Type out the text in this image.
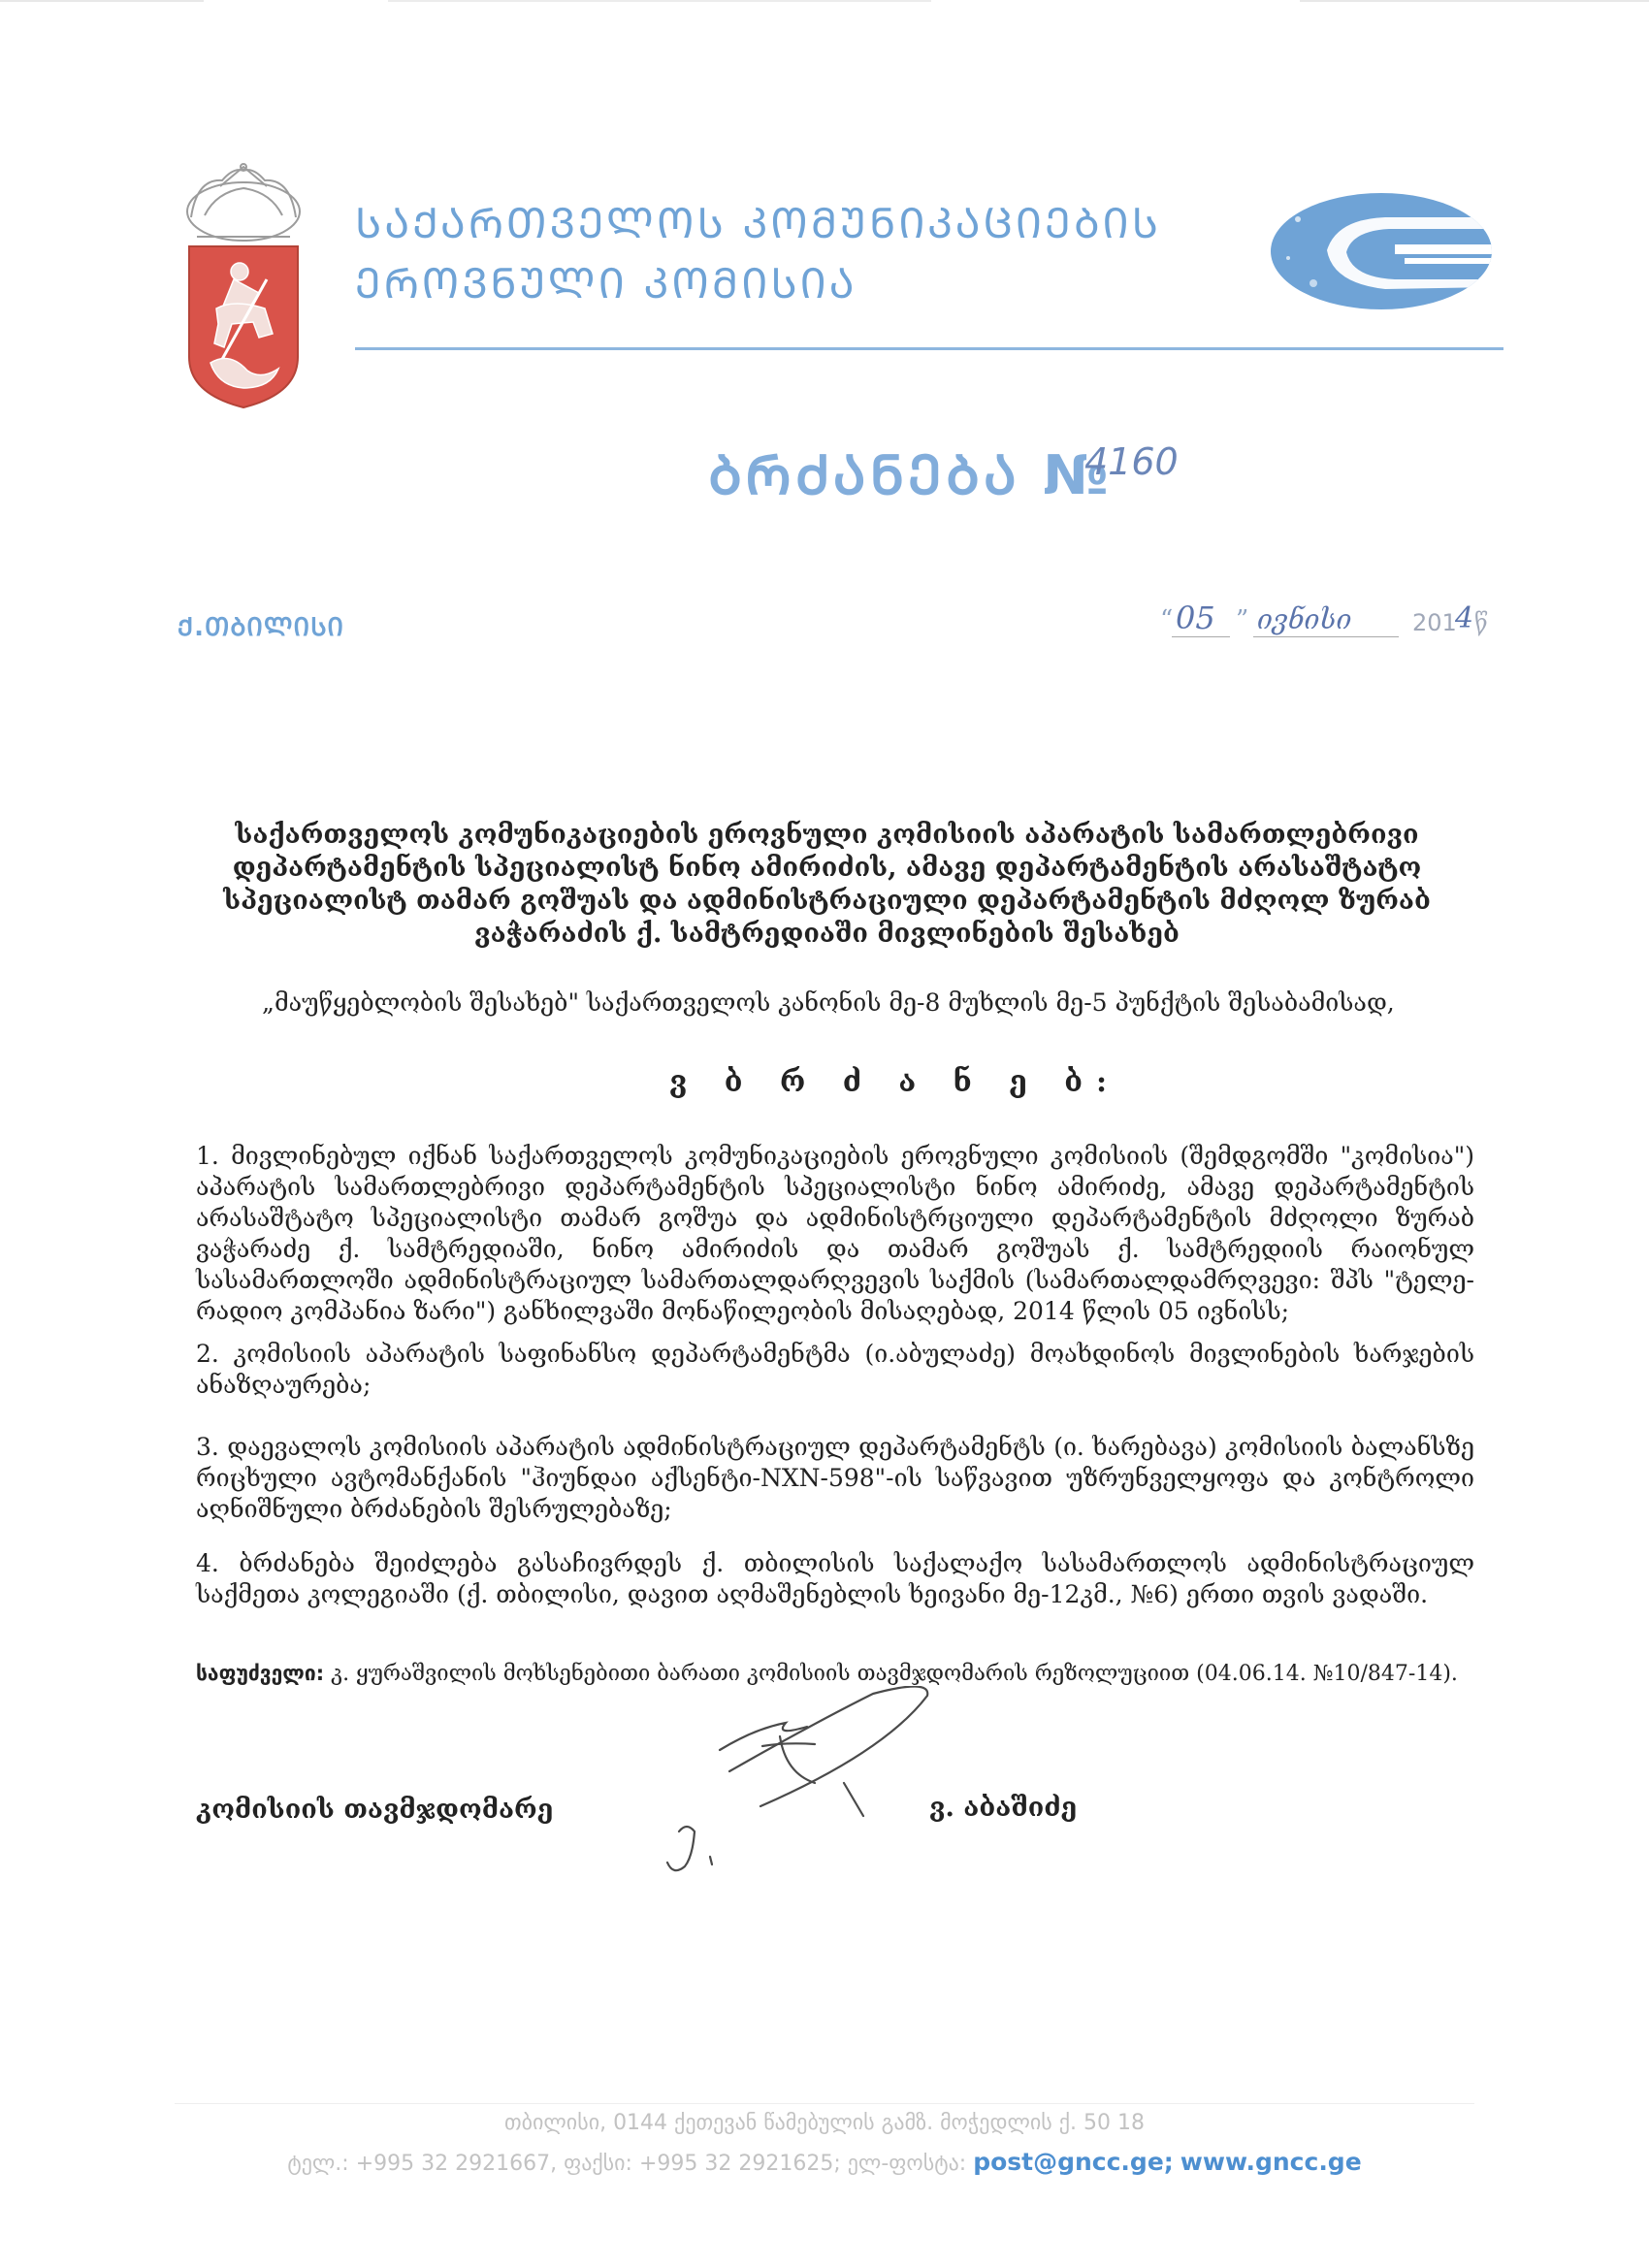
ᲡᲐᲥᲐᲠᲗᲕᲔᲚᲝᲡ ᲙᲝᲛᲣᲜᲘᲙᲐᲪᲘᲔᲑᲘᲡ
ᲔᲠᲝᲕᲜᲣᲚᲘ ᲙᲝᲛᲘᲡᲘᲐ
ᲑᲠᲫᲐᲜᲔᲑᲐ №
4160
Ქ.ᲗᲑᲘᲚᲘᲡᲘ	“ 05 ” ივნისი	201
4 წ
საქართველოს კომუნიკაციების ეროვნული კომისიის აპარატის სამართლებრივი დეპარტამენტის სპეციალისტ ნინო ამირიძის, ამავე დეპარტამენტის არასაშტატო სპეციალისტ თამარ გოშუას და ადმინისტრაციული დეპარტამენტის მძღოლ ზურაბ ვაჭარაძის ქ. სამტრედიაში მივლინების შესახებ
„მაუწყებლობის შესახებ" საქართველოს კანონის მე-8 მუხლის მე-5 პუნქტის შესაბამისად,
ვ ბ რ ძ ა ნ ე ბ:
1. მივლინებულ იქნან საქართველოს კომუნიკაციების ეროვნული კომისიის (შემდგომში "კომისია") აპარატის სამართლებრივი დეპარტამენტის სპეციალისტი ნინო ამირიძე, ამავე დეპარტამენტის არასაშტატო სპეციალისტი თამარ გოშუა და ადმინისტრციული დეპარტამენტის მძღოლი ზურაბ ვაჭარაძე ქ. სამტრედიაში, ნინო ამირიძის და თამარ გოშუას ქ. სამტრედიის რაიონულ სასამართლოში ადმინისტრაციულ სამართალდარღვევის საქმის (სამართალდამრღვევი: შპს "ტელე-რადიო კომპანია ზარი") განხილვაში მონაწილეობის მისაღებად, 2014 წლის 05 ივნისს;
2. კომისიის აპარატის საფინანსო დეპარტამენტმა (ი.აბულაძე) მოახდინოს მივლინების ხარჯების ანაზღაურება;
3. დაევალოს კომისიის აპარატის ადმინისტრაციულ დეპარტამენტს (ი. ხარებავა) კომისიის ბალანსზე რიცხული ავტომანქანის "ჰიუნდაი აქსენტი-NXN-598"-ის საწვავით უზრუნველყოფა და კონტროლი აღნიშნული ბრძანების შესრულებაზე;
4. ბრძანება შეიძლება გასაჩივრდეს ქ. თბილისის საქალაქო სასამართლოს ადმინისტრაციულ საქმეთა კოლეგიაში (ქ. თბილისი, დავით აღმაშენებლის ხეივანი მე-12კმ., №6) ერთი თვის ვადაში.
საფუძველი: კ. ყურაშვილის მოხსენებითი ბარათი კომისიის თავმჯდომარის რეზოლუციით (04.06.14. №10/847-14).
კომისიის თავმჯდომარე	ვ. აბაშიძე
თბილისი, 0144 ქეთევან წამებულის გამზ. მოჭედლის ქ. 50 18
ტელ.: +995 32 2921667, ფაქსი: +995 32 2921625; ელ-ფოსტა: post@gncc.ge; www.gncc.ge
